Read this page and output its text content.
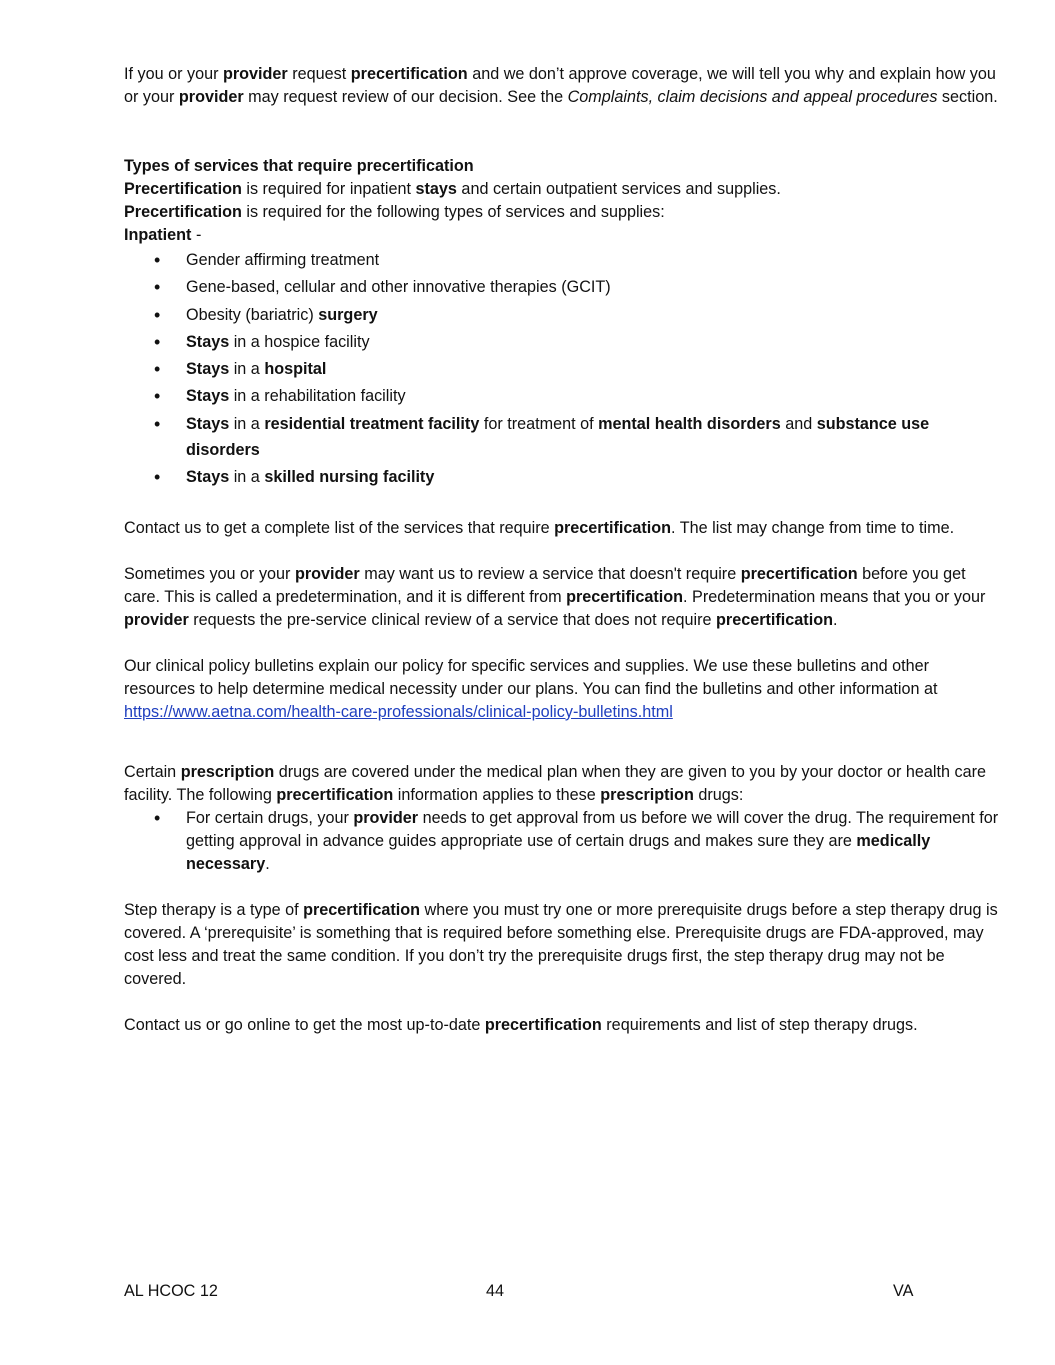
If you or your provider request precertification and we don’t approve coverage, we will tell you why and explain how you or your provider may request review of our decision. See the Complaints, claim decisions and appeal procedures section.

Types of services that require precertification

Precertification is required for inpatient stays and certain outpatient services and supplies.

Precertification is required for the following types of services and supplies:

Inpatient -

• Gender affirming treatment
• Gene-based, cellular and other innovative therapies (GCIT)
• Obesity (bariatric) surgery
• Stays in a hospice facility
• Stays in a hospital
• Stays in a rehabilitation facility
• Stays in a residential treatment facility for treatment of mental health disorders and substance use disorders
• Stays in a skilled nursing facility

Contact us to get a complete list of the services that require precertification. The list may change from time to time.

Sometimes you or your provider may want us to review a service that doesn't require precertification before you get care. This is called a predetermination, and it is different from precertification. Predetermination means that you or your provider requests the pre-service clinical review of a service that does not require precertification.

Our clinical policy bulletins explain our policy for specific services and supplies. We use these bulletins and other resources to help determine medical necessity under our plans. You can find the bulletins and other information at https://www.aetna.com/health-care-professionals/clinical-policy-bulletins.html

Certain prescription drugs are covered under the medical plan when they are given to you by your doctor or health care facility. The following precertification information applies to these prescription drugs:

• For certain drugs, your provider needs to get approval from us before we will cover the drug. The requirement for getting approval in advance guides appropriate use of certain drugs and makes sure they are medically necessary.

Step therapy is a type of precertification where you must try one or more prerequisite drugs before a step therapy drug is covered. A ‘prerequisite’ is something that is required before something else. Prerequisite drugs are FDA-approved, may cost less and treat the same condition. If you don’t try the prerequisite drugs first, the step therapy drug may not be covered.

Contact us or go online to get the most up-to-date precertification requirements and list of step therapy drugs.

AL HCOC 12	44	VA
